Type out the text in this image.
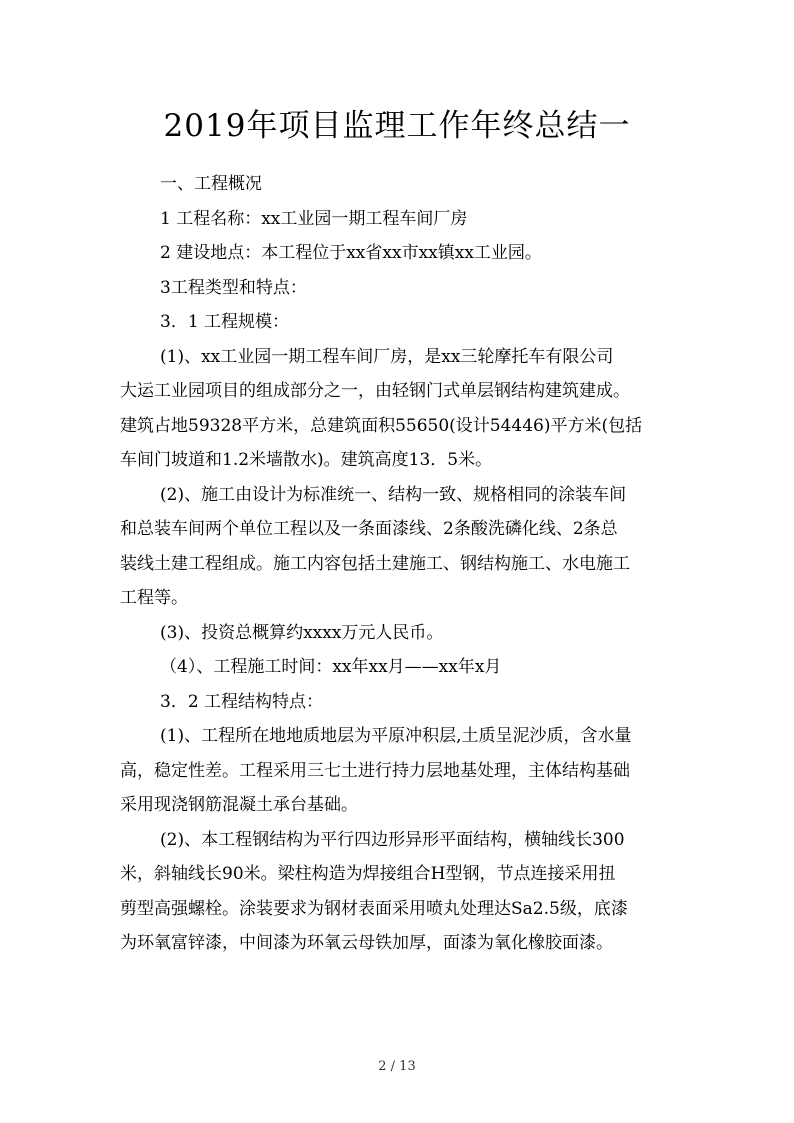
2019年项目监理工作年终总结一
一、工程概况
1 工程名称：xx工业园一期工程车间厂房
2 建设地点：本工程位于xx省xx市xx镇xx工业园。
3工程类型和特点：
3．1 工程规模：
(1)、xx工业园一期工程车间厂房，是xx三轮摩托车有限公司
大运工业园项目的组成部分之一，由轻钢门式单层钢结构建筑建成。
建筑占地59328平方米，总建筑面积55650(设计54446)平方米(包括
车间门坡道和1.2米墙散水)。建筑高度13．5米。
(2)、施工由设计为标准统一、结构一致、规格相同的涂装车间
和总装车间两个单位工程以及一条面漆线、2条酸洗磷化线、2条总
装线土建工程组成。施工内容包括土建施工、钢结构施工、水电施工
工程等。
(3)、投资总概算约xxxx万元人民币。
（4）、工程施工时间：xx年xx月——xx年x月
3．2 工程结构特点：
(1)、工程所在地地质地层为平原冲积层,土质呈泥沙质，含水量
高，稳定性差。工程采用三七土进行持力层地基处理，主体结构基础
采用现浇钢筋混凝土承台基础。
(2)、本工程钢结构为平行四边形异形平面结构，横轴线长300
米，斜轴线长90米。梁柱构造为焊接组合H型钢，节点连接采用扭
剪型高强螺栓。涂装要求为钢材表面采用喷丸处理达Sa2.5级，底漆
为环氧富锌漆，中间漆为环氧云母铁加厚，面漆为氧化橡胶面漆。
2 / 13
